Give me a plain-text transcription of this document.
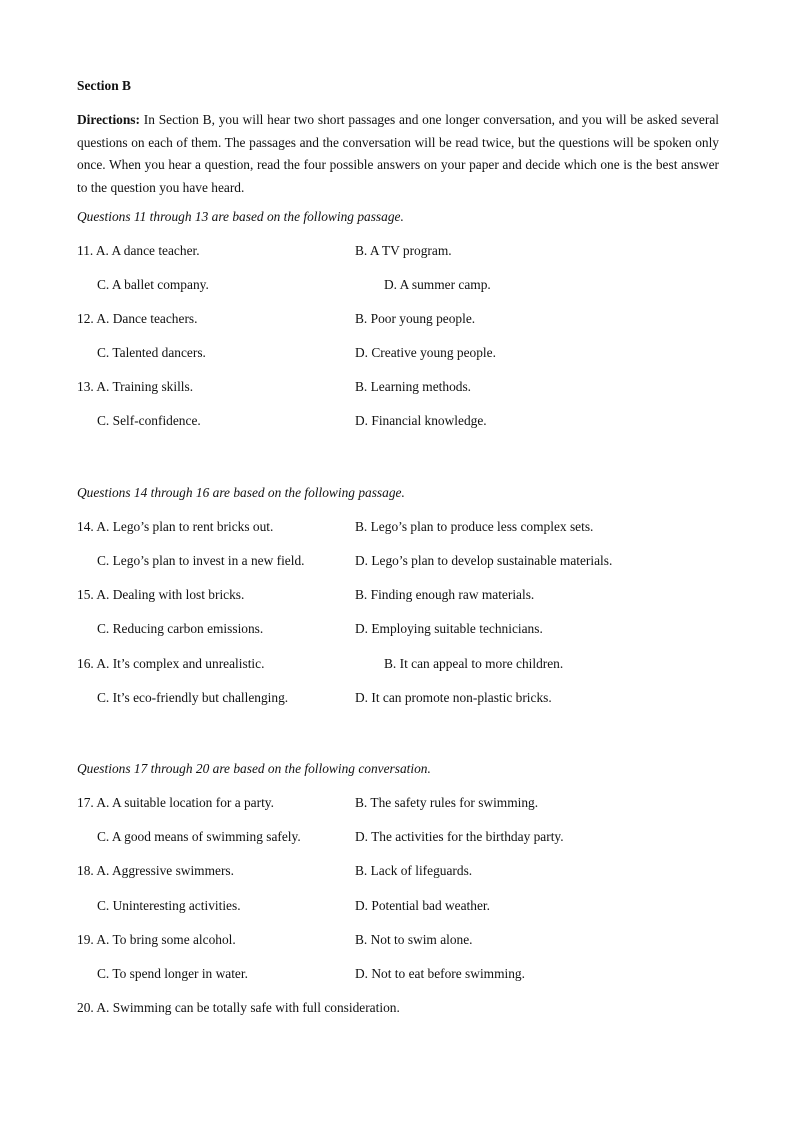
Section B
Directions: In Section B, you will hear two short passages and one longer conversation, and you will be asked several questions on each of them. The passages and the conversation will be read twice, but the questions will be spoken only once. When you hear a question, read the four possible answers on your paper and decide which one is the best answer to the question you have heard.
Questions 11 through 13 are based on the following passage.
11. A. A dance teacher.	B. A TV program.
C. A ballet company.	D. A summer camp.
12. A. Dance teachers.	B. Poor young people.
C. Talented dancers.	D. Creative young people.
13. A. Training skills.	B. Learning methods.
C. Self-confidence.	D. Financial knowledge.
Questions 14 through 16 are based on the following passage.
14. A. Lego’s plan to rent bricks out.	B. Lego’s plan to produce less complex sets.
C. Lego’s plan to invest in a new field.	D. Lego’s plan to develop sustainable materials.
15. A. Dealing with lost bricks.	B. Finding enough raw materials.
C. Reducing carbon emissions.	D. Employing suitable technicians.
16. A. It’s complex and unrealistic.	B. It can appeal to more children.
C. It’s eco-friendly but challenging.	D. It can promote non-plastic bricks.
Questions 17 through 20 are based on the following conversation.
17. A. A suitable location for a party.	B. The safety rules for swimming.
C. A good means of swimming safely.	D. The activities for the birthday party.
18. A. Aggressive swimmers.	B. Lack of lifeguards.
C. Uninteresting activities.	D. Potential bad weather.
19. A. To bring some alcohol.	B. Not to swim alone.
C. To spend longer in water.	D. Not to eat before swimming.
20. A. Swimming can be totally safe with full consideration.
